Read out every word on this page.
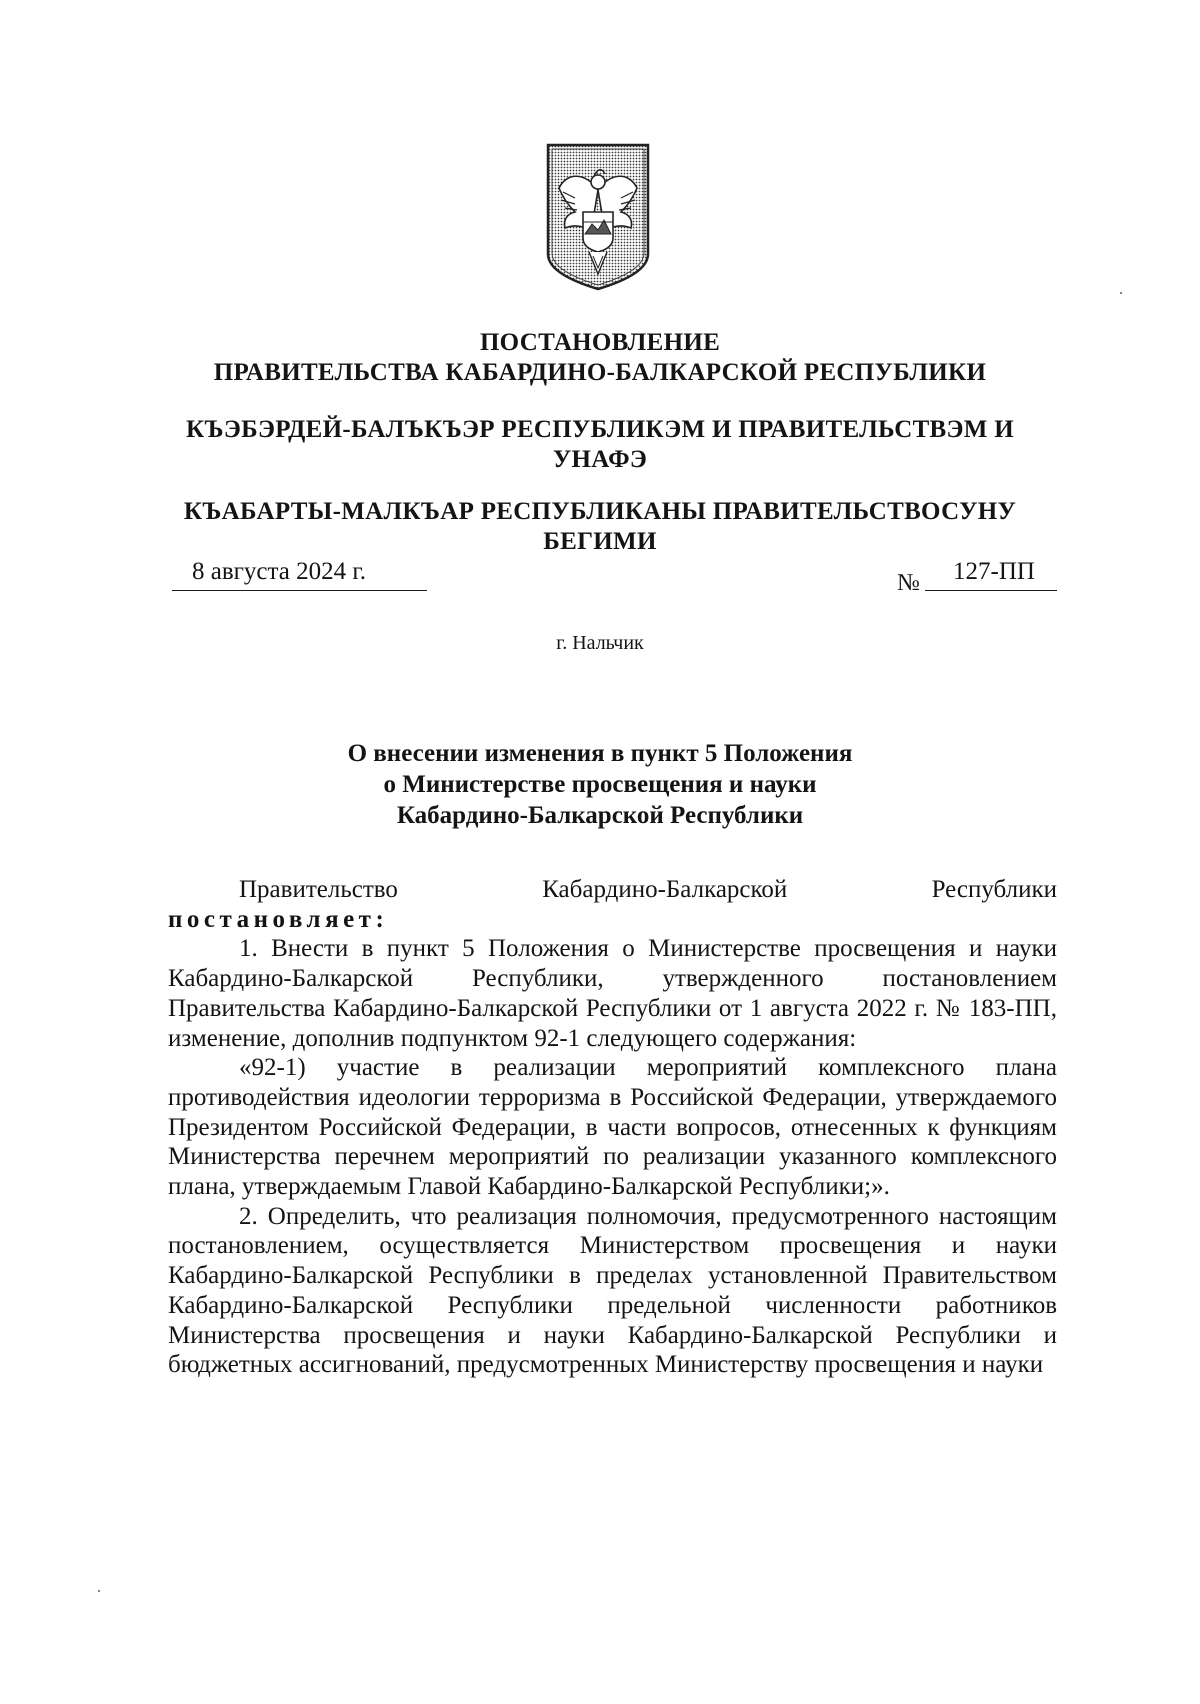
ПОСТАНОВЛЕНИЕ
ПРАВИТЕЛЬСТВА КАБАРДИНО-БАЛКАРСКОЙ РЕСПУБЛИКИ
КЪЭБЭРДЕЙ-БАЛЪКЪЭР РЕСПУБЛИКЭМ И ПРАВИТЕЛЬСТВЭМ И
УНАФЭ
КЪАБАРТЫ-МАЛКЪАР РЕСПУБЛИКАНЫ ПРАВИТЕЛЬСТВОСУНУ
БЕГИМИ
8 августа 2024 г.	№	127-ПП
г. Нальчик
О внесении изменения в пункт 5 Положения
о Министерстве просвещения и науки
Кабардино-Балкарской Республики
Правительство	Кабардино-Балкарской	Республики

постановляет:

1. Внести в пункт 5 Положения о Министерстве просвещения и науки Кабардино-Балкарской Республики, утвержденного постановлением Правительства Кабардино-Балкарской Республики от 1 августа 2022 г. № 183-ПП, изменение, дополнив подпунктом 92-1 следующего содержания:

«92-1) участие в реализации мероприятий комплексного плана противодействия идеологии терроризма в Российской Федерации, утверждаемого Президентом Российской Федерации, в части вопросов, отнесенных к функциям Министерства перечнем мероприятий по реализации указанного комплексного плана, утверждаемым Главой Кабардино-Балкарской Республики;».

2. Определить, что реализация полномочия, предусмотренного настоящим постановлением, осуществляется Министерством просвещения и науки Кабардино-Балкарской Республики в пределах установленной Правительством Кабардино-Балкарской Республики предельной численности работников Министерства просвещения и науки Кабардино-Балкарской Республики и бюджетных ассигнований, предусмотренных Министерству просвещения и науки
